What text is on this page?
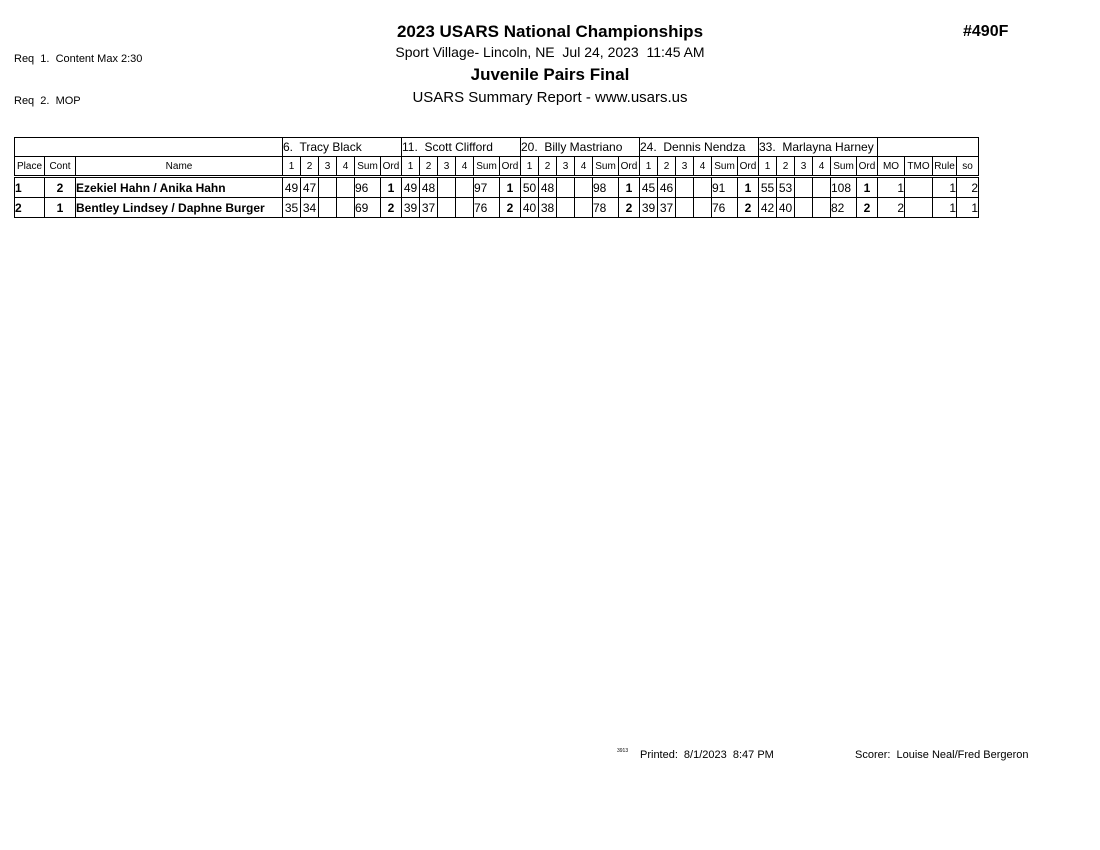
Req  1.  Content Max 2:30

Req  2.  MOP

2023 USARS National Championships
Sport Village- Lincoln, NE  Jul 24, 2023  11:45 AM
Juvenile Pairs Final
USARS Summary Report - www.usars.us
#490F
			6.  Tracy Black						11.  Scott Clifford						20.  Billy Mastriano						24.  Dennis Nendza						33.  Marlayna Harney									
Place	Cont	Name	1	2	3	4	Sum	Ord	1	2	3	4	Sum	Ord	1	2	3	4	Sum	Ord	1	2	3	4	Sum	Ord	1	2	3	4	Sum	Ord	MO	TMO	Rule	so
1	2	Ezekiel Hahn / Anika Hahn	49	47			96	1	49	48			97	1	50	48			98	1	45	46			91	1	55	53			108	1	1		1	2
2	1	Bentley Lindsey / Daphne Burger	35	34			69	2	39	37			76	2	40	38			78	2	39	37			76	2	42	40			82	2	2		1	1
3913 Printed: 8/1/2023  8:47 PM	Scorer: Louise Neal/Fred Bergeron
